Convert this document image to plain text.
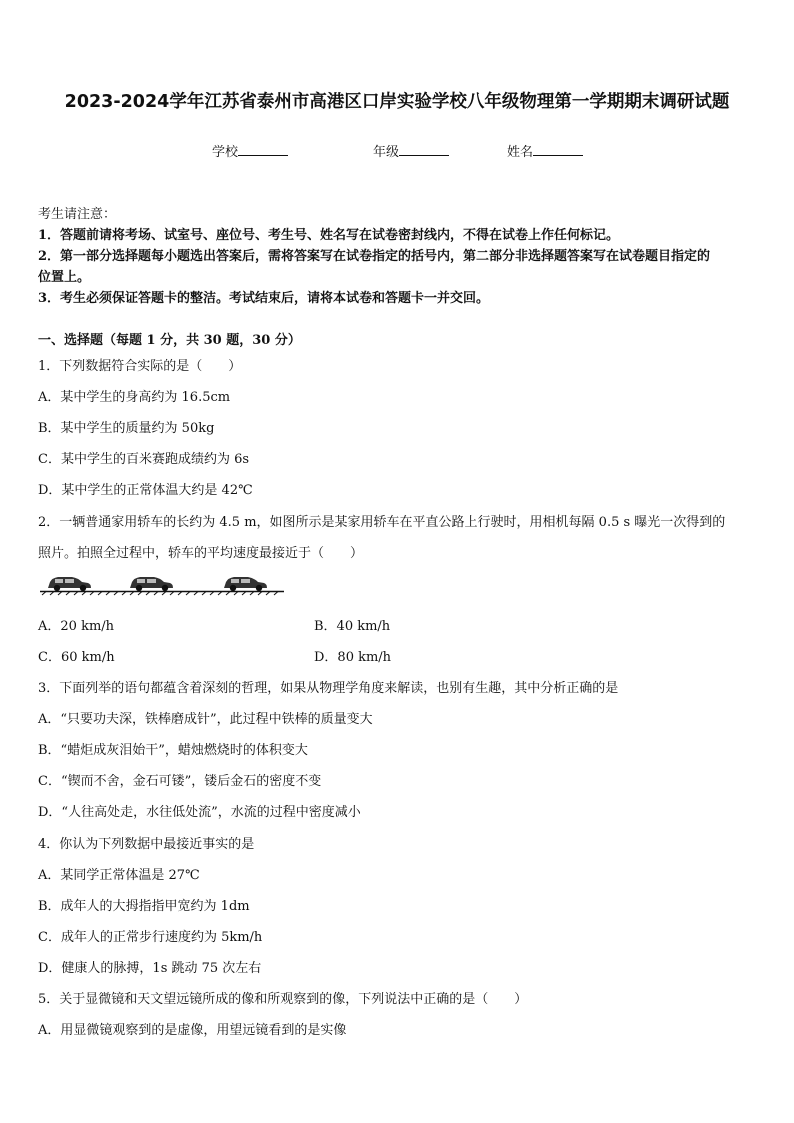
2023-2024学年江苏省泰州市高港区口岸实验学校八年级物理第一学期期末调研试题
学校	年级	姓名
考生请注意：
1．答题前请将考场、试室号、座位号、考生号、姓名写在试卷密封线内，不得在试卷上作任何标记。
2．第一部分选择题每小题选出答案后，需将答案写在试卷指定的括号内，第二部分非选择题答案写在试卷题目指定的
位置上。
3．考生必须保证答题卡的整洁。考试结束后，请将本试卷和答题卡一并交回。
一、选择题（每题 1 分，共 30 题，30 分）
1．下列数据符合实际的是（　　）
A．某中学生的身高约为 16.5cm
B．某中学生的质量约为 50kg
C．某中学生的百米赛跑成绩约为 6s
D．某中学生的正常体温大约是 42℃
2．一辆普通家用轿车的长约为 4.5 m，如图所示是某家用轿车在平直公路上行驶时，用相机每隔 0.5 s 曝光一次得到的
照片。拍照全过程中，轿车的平均速度最接近于（　　）
A．20 km/h	B．40 km/h
C．60 km/h	D．80 km/h
3．下面列举的语句都蕴含着深刻的哲理，如果从物理学角度来解读，也别有生趣，其中分析正确的是
A．“只要功夫深，铁棒磨成针”，此过程中铁棒的质量变大
B．“蜡炬成灰泪始干”，蜡烛燃烧时的体积变大
C．“锲而不舍，金石可镂”，镂后金石的密度不变
D．“人往高处走，水往低处流”，水流的过程中密度减小
4．你认为下列数据中最接近事实的是
A．某同学正常体温是 27℃
B．成年人的大拇指指甲宽约为 1dm
C．成年人的正常步行速度约为 5km/h
D．健康人的脉搏，1s 跳动 75 次左右
5．关于显微镜和天文望远镜所成的像和所观察到的像，下列说法中正确的是（　　）
A．用显微镜观察到的是虚像，用望远镜看到的是实像
